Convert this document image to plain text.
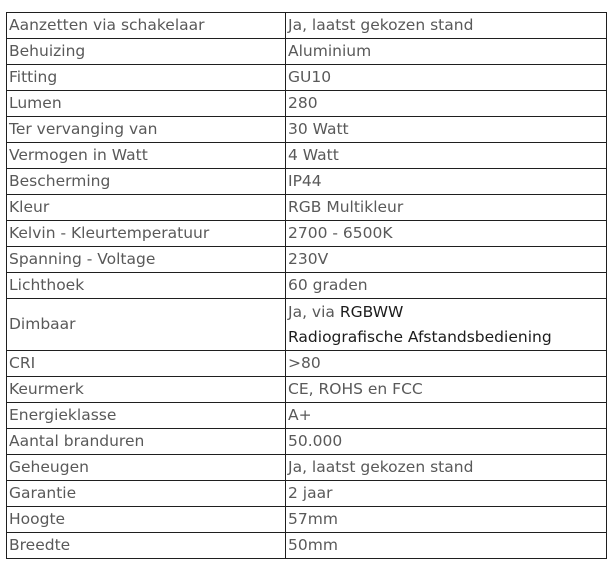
Aanzetten via schakelaar	Ja, laatst gekozen stand
Behuizing	Aluminium
Fitting	GU10
Lumen	280
Ter vervanging van	30 Watt
Vermogen in Watt	4 Watt
Bescherming	IP44
Kleur	RGB Multikleur
Kelvin - Kleurtemperatuur	2700 - 6500K
Spanning - Voltage	230V
Lichthoek	60 graden
Dimbaar	Ja, via RGBWW
Radiografische Afstandsbediening

CRI	>80
Keurmerk	CE, ROHS en FCC
Energieklasse	A+
Aantal branduren	50.000
Geheugen	Ja, laatst gekozen stand
Garantie	2 jaar
Hoogte	57mm
Breedte	50mm
